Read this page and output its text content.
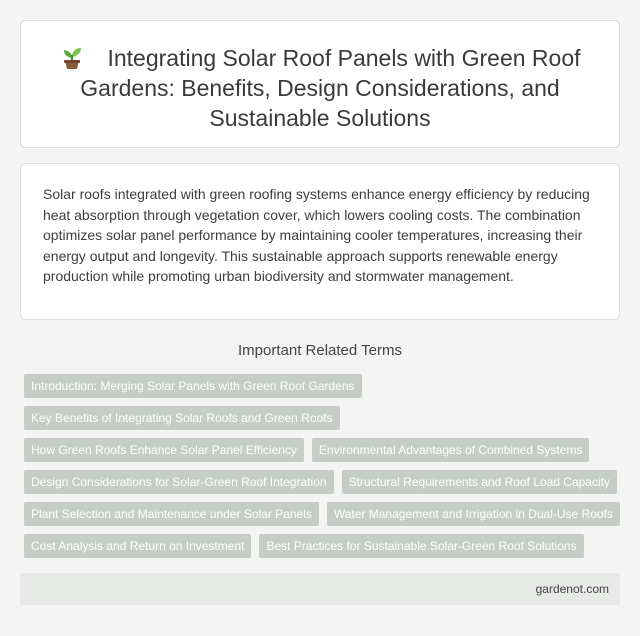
Integrating Solar Roof Panels with Green Roof Gardens: Benefits, Design Considerations, and Sustainable Solutions

Solar roofs integrated with green roofing systems enhance energy efficiency by reducing heat absorption through vegetation cover, which lowers cooling costs. The combination optimizes solar panel performance by maintaining cooler temperatures, increasing their energy output and longevity. This sustainable approach supports renewable energy production while promoting urban biodiversity and stormwater management.

Important Related Terms
Introduction: Merging Solar Panels with Green Roof Gardens
Key Benefits of Integrating Solar Roofs and Green Roofs
How Green Roofs Enhance Solar Panel Efficiency	Environmental Advantages of Combined Systems
Design Considerations for Solar-Green Roof Integration	Structural Requirements and Roof Load Capacity
Plant Selection and Maintenance under Solar Panels	Water Management and Irrigation in Dual-Use Roofs
Cost Analysis and Return on Investment	Best Practices for Sustainable Solar-Green Roof Solutions
gardenot.com
